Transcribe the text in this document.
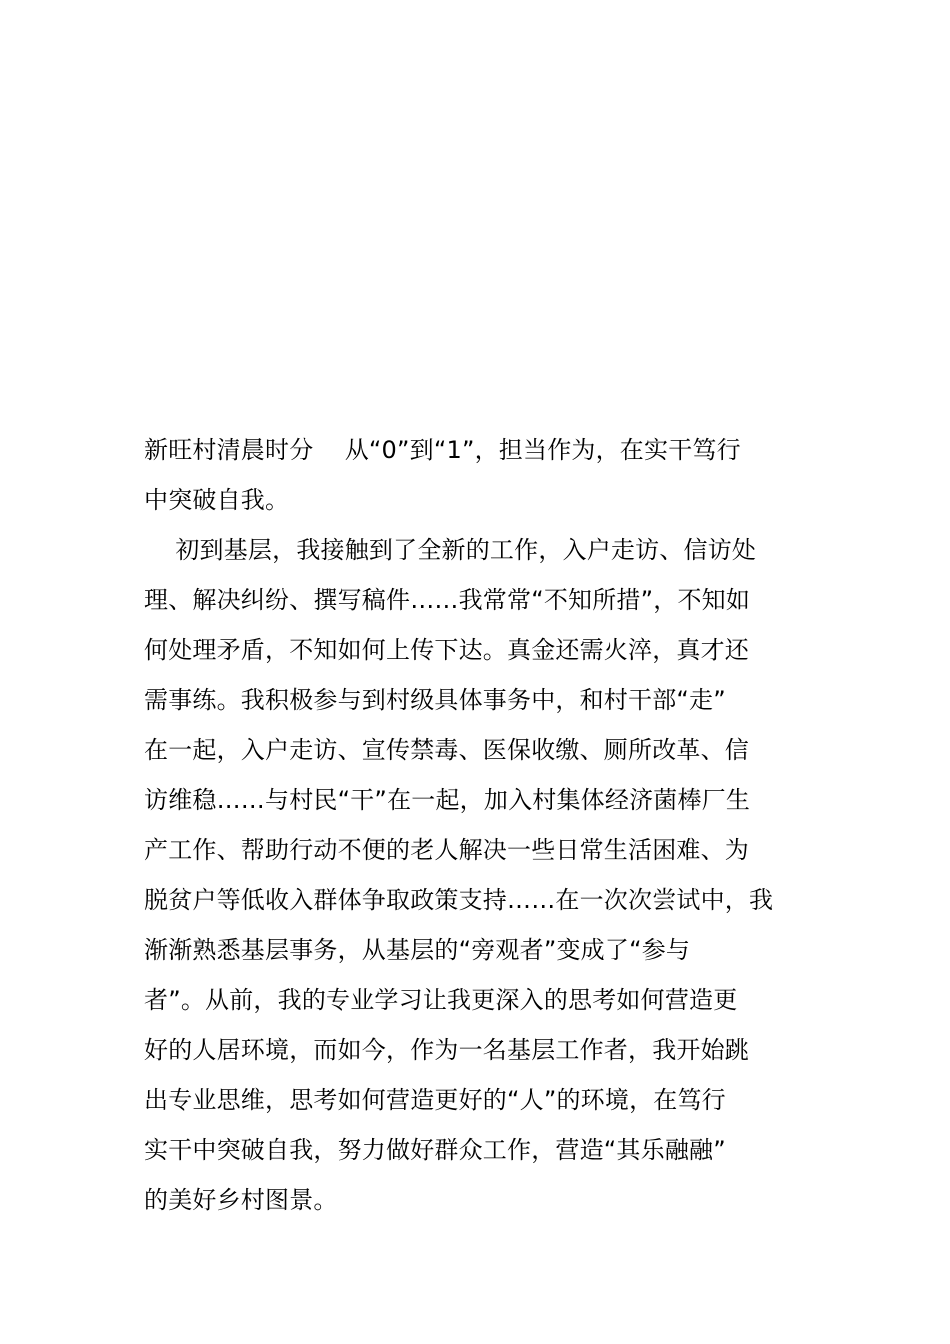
新旺村清晨时分    从“0”到“1”，担当作为，在实干笃行
中突破自我。
初到基层，我接触到了全新的工作，入户走访、信访处
理、解决纠纷、撰写稿件……我常常“不知所措”，不知如
何处理矛盾，不知如何上传下达。真金还需火淬，真才还
需事练。我积极参与到村级具体事务中，和村干部“走”
在一起，入户走访、宣传禁毒、医保收缴、厕所改革、信
访维稳……与村民“干”在一起，加入村集体经济菌棒厂生
产工作、帮助行动不便的老人解决一些日常生活困难、为
脱贫户等低收入群体争取政策支持……在一次次尝试中，我
渐渐熟悉基层事务，从基层的“旁观者”变成了“参与
者”。从前，我的专业学习让我更深入的思考如何营造更
好的人居环境，而如今，作为一名基层工作者，我开始跳
出专业思维，思考如何营造更好的“人”的环境，在笃行
实干中突破自我，努力做好群众工作，营造“其乐融融”
的美好乡村图景。
